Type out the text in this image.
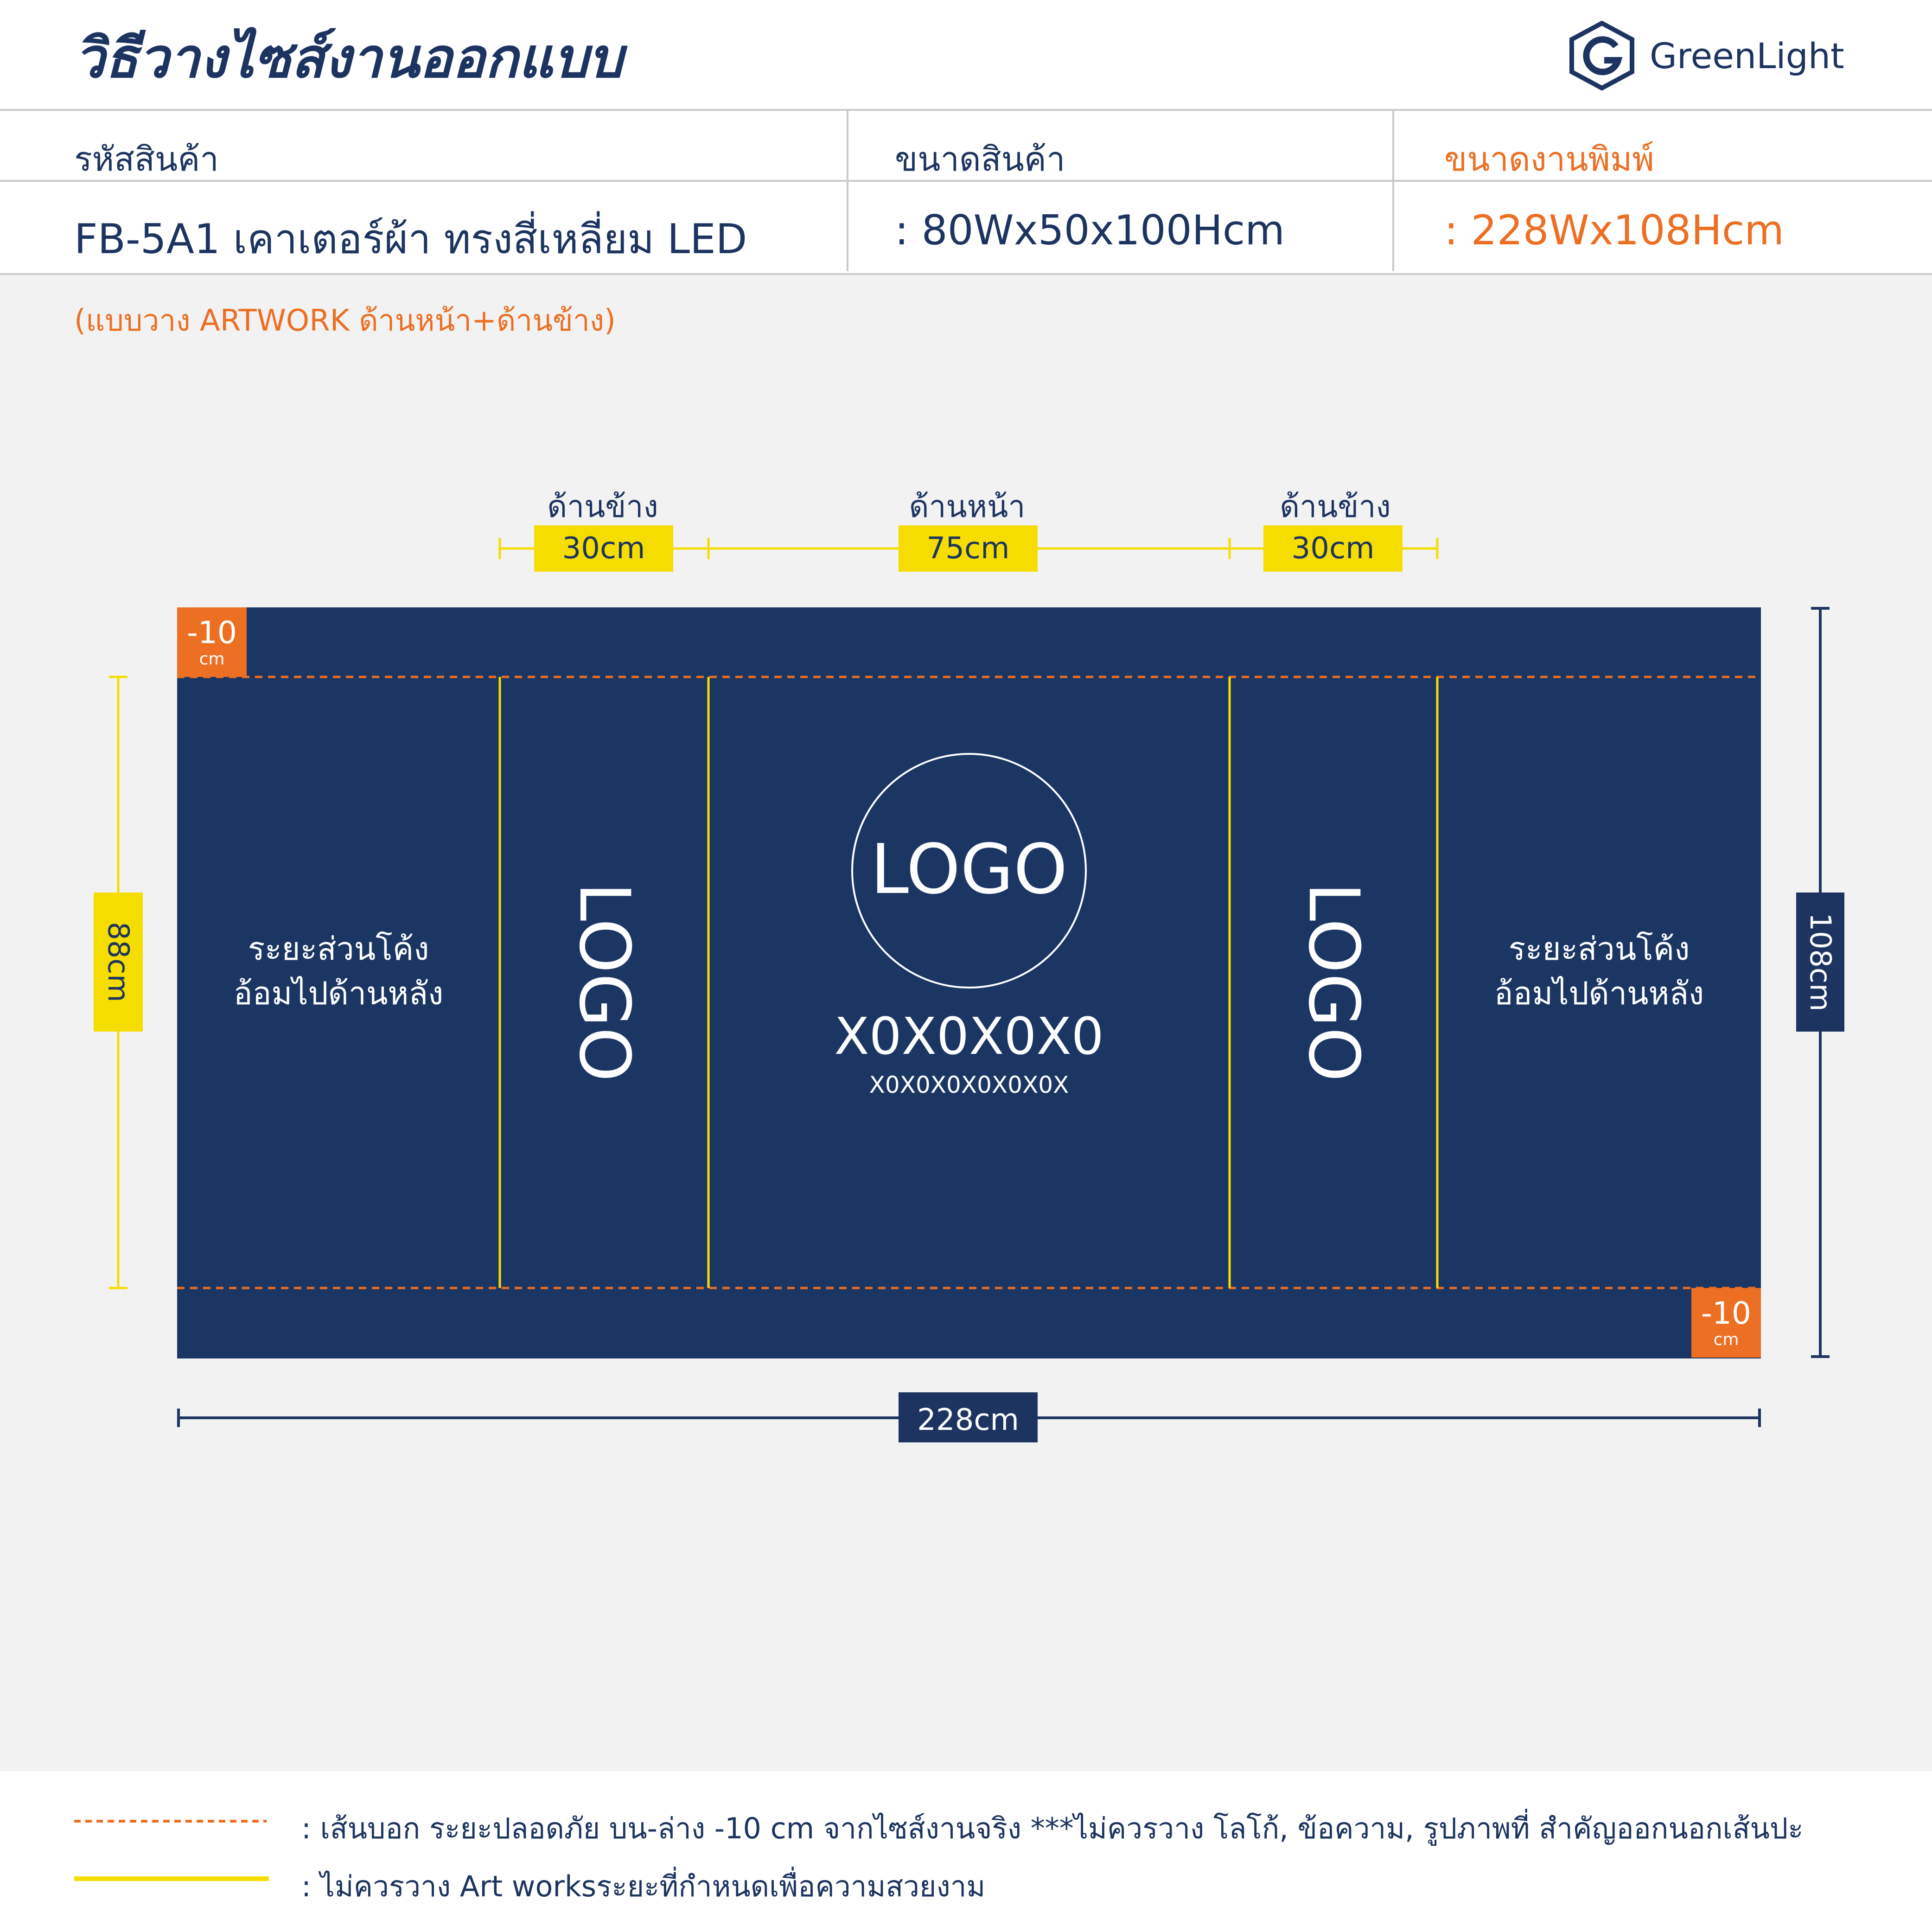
วิธีวางไซส์งานออกแบบ	GreenLight
รหัสสินค้า	ขนาดสินค้า	ขนาดงานพิมพ์
FB-5A1 เคาเตอร์ผ้า ทรงสี่เหลี่ยม LED	: 80Wx50x100Hcm	: 228Wx108Hcm
(แบบวาง ARTWORK ด้านหน้า+ด้านข้าง)
ด้านข้าง	ด้านหน้า	ด้านข้าง
30cm	75cm	30cm
-10
cm
-10
cm
ระยะส่วนโค้ง
อ้อมไปด้านหลัง
ระยะส่วนโค้ง
อ้อมไปด้านหลัง
LOGO	LOGO
LOGO
X0X0X0X0
X0X0X0X0X0X0X
88cm	108cm
228cm
: เส้นบอก ระยะปลอดภัย บน-ล่าง -10 cm จากไซส์งานจริง ***ไม่ควรวาง โลโก้, ข้อความ, รูปภาพที่ สำคัญออกนอกเส้นปะ
: ไม่ควรวาง Art worksระยะที่กำหนดเพื่อความสวยงาม
